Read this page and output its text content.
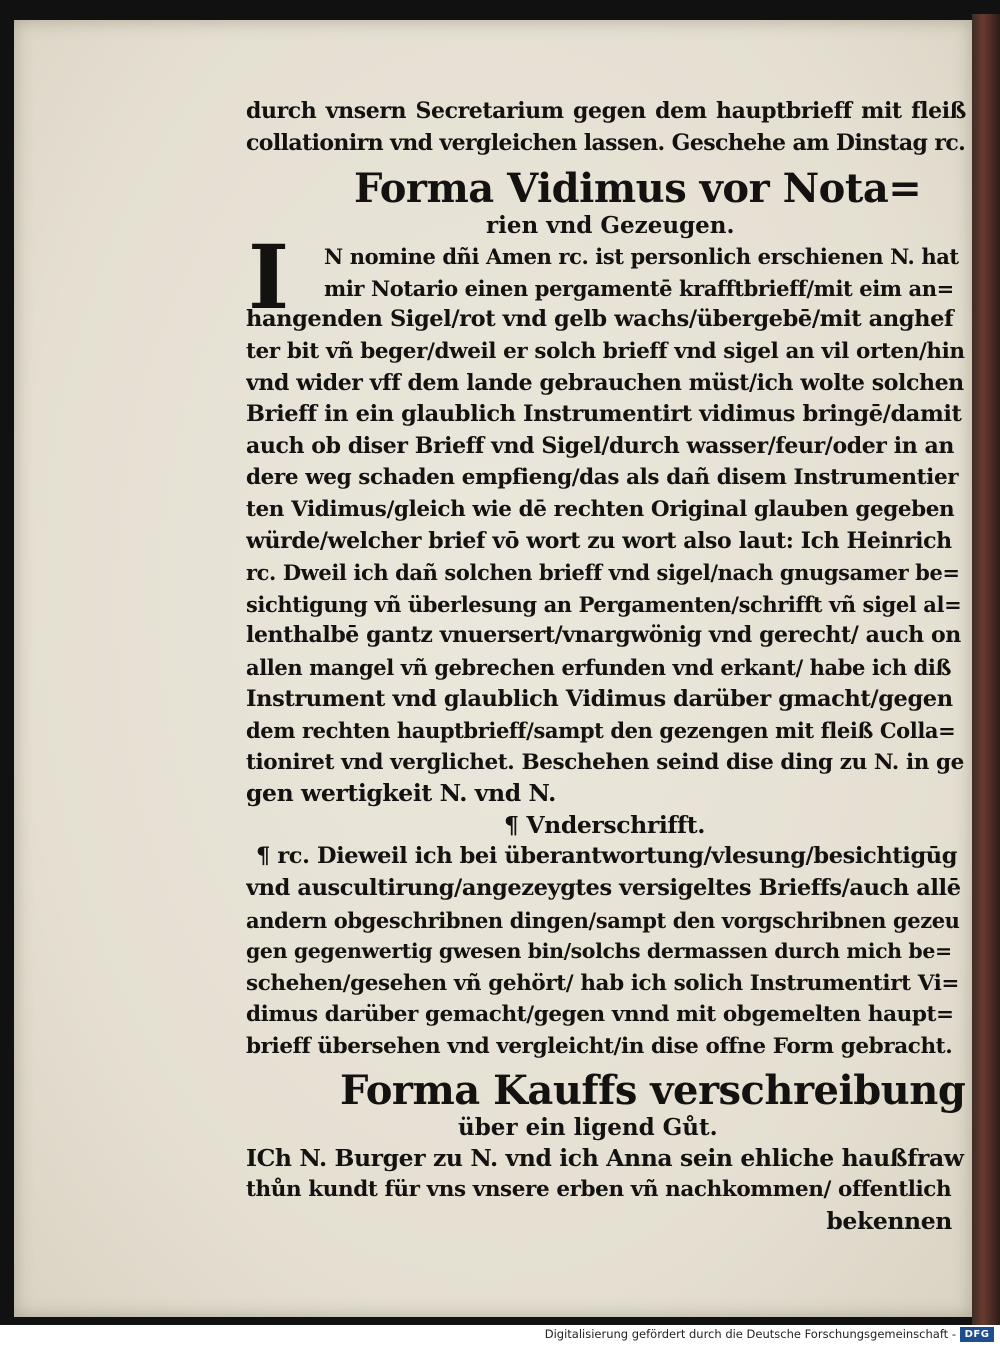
durch vnsern Secretarium gegen dem hauptbrieff mit fleiß
collationirn vnd vergleichen lassen. Geschehe am Dinstag rc.
Forma Vidimus vor Nota=
rien vnd Gezeugen.
I	N nomine dñi Amen rc. ist personlich erschienen N. hat
mir Notario einen pergamentē krafftbrieff/mit eim an=
hangenden Sigel/rot vnd gelb wachs/übergebē/mit anghef
ter bit vñ beger/dweil er solch brieff vnd sigel an vil orten/hin
vnd wider vff dem lande gebrauchen müst/ich wolte solchen
Brieff in ein glaublich Instrumentirt vidimus bringē/damit
auch ob diser Brieff vnd Sigel/durch wasser/feur/oder in an
dere weg schaden empfieng/das als dañ disem Instrumentier
ten Vidimus/gleich wie dē rechten Original glauben gegeben
würde/welcher brief vō wort zu wort also laut: Ich Heinrich
rc. Dweil ich dañ solchen brieff vnd sigel/nach gnugsamer be=
sichtigung vñ überlesung an Pergamenten/schrifft vñ sigel al=
lenthalbē gantz vnuersert/vnargwönig vnd gerecht/ auch on
allen mangel vñ gebrechen erfunden vnd erkant/ habe ich diß
Instrument vnd glaublich Vidimus darüber gmacht/gegen
dem rechten hauptbrieff/sampt den gezengen mit fleiß Colla=
tioniret vnd verglichet. Beschehen seind dise ding zu N. in ge
gen wertigkeit N. vnd N.
¶ Vnderschrifft.
¶ rc. Dieweil ich bei überantwortung/vlesung/besichtigūg
vnd auscultirung/angezeygtes versigeltes Brieffs/auch allē
andern obgeschribnen dingen/sampt den vorgschribnen gezeu
gen gegenwertig gwesen bin/solchs dermassen durch mich be=
schehen/gesehen vñ gehört/ hab ich solich Instrumentirt Vi=
dimus darüber gemacht/gegen vnnd mit obgemelten haupt=
brieff übersehen vnd vergleicht/in dise offne Form gebracht.
Forma Kauffs verschreibung
über ein ligend Gůt.
ICh N. Burger zu N. vnd ich Anna sein ehliche haußfraw
thůn kundt für vns vnsere erben vñ nachkommen/ offentlich
bekennen
Digitalisierung gefördert durch die Deutsche Forschungsgemeinschaft - DFG
